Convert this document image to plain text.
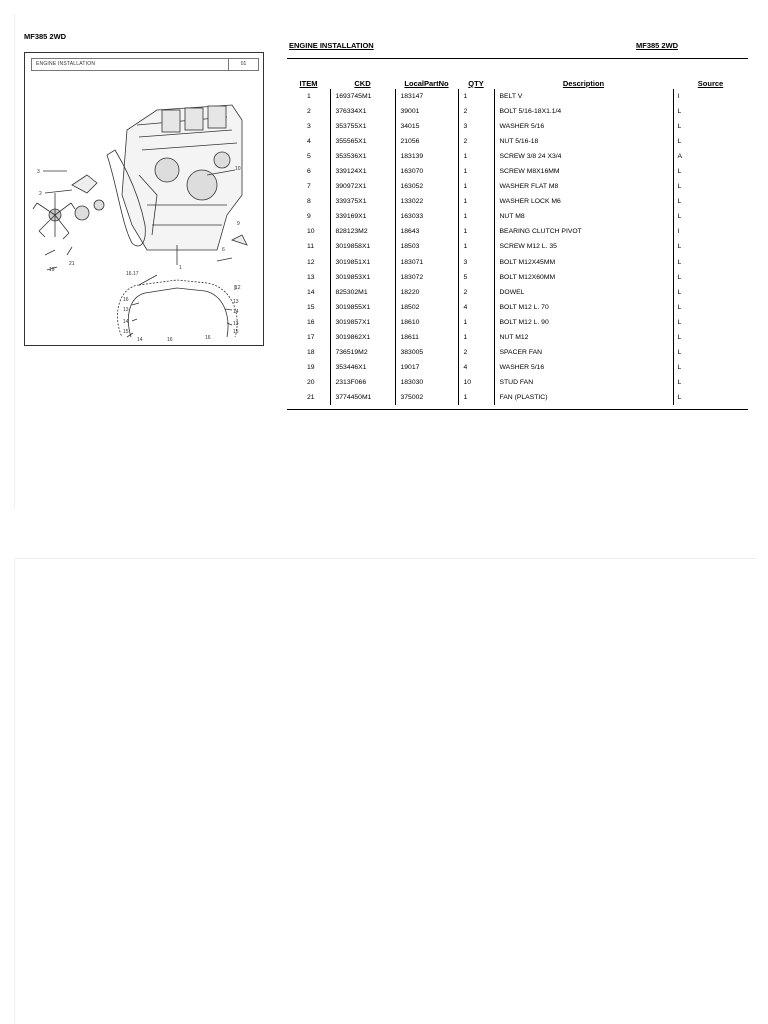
MF385 2WD
ENGINE INSTALLATION	MF385 2WD
ENGINE INSTALLATION	01
3
2
21
10
16.17
1
12
16
13
14
15
13
14
13
15
14	16	16
19
6
9
ITEM	CKD	LocalPartNo	QTY	Description	Source
1	1693745M1	183147	1	BELT V	I
2	376334X1	39001	2	BOLT 5/16-18X1.1/4	L
3	353755X1	34015	3	WASHER 5/16	L
4	355565X1	21056	2	NUT 5/16-18	L
5	353536X1	183139	1	SCREW 3/8 24 X3/4	A
6	339124X1	163070	1	SCREW M8X16MM	L
7	390972X1	163052	1	WASHER FLAT M8	L
8	339375X1	133022	1	WASHER LOCK M6	L
9	339169X1	163033	1	NUT M8	L
10	828123M2	18643	1	BEARING CLUTCH PIVOT	I
11	3019858X1	18503	1	SCREW M12 L. 35	L
12	3019851X1	183071	3	BOLT M12X45MM	L
13	3019853X1	183072	5	BOLT M12X60MM	L
14	825302M1	18220	2	DOWEL	L
15	3019855X1	18502	4	BOLT M12 L. 70	L
16	3019857X1	18610	1	BOLT M12 L. 90	L
17	3019862X1	18611	1	NUT M12	L
18	736519M2	383005	2	SPACER FAN	L
19	353446X1	19017	4	WASHER 5/16	L
20	2313F066	183030	10	STUD FAN	L
21	3774450M1	375002	1	FAN (PLASTIC)	L
